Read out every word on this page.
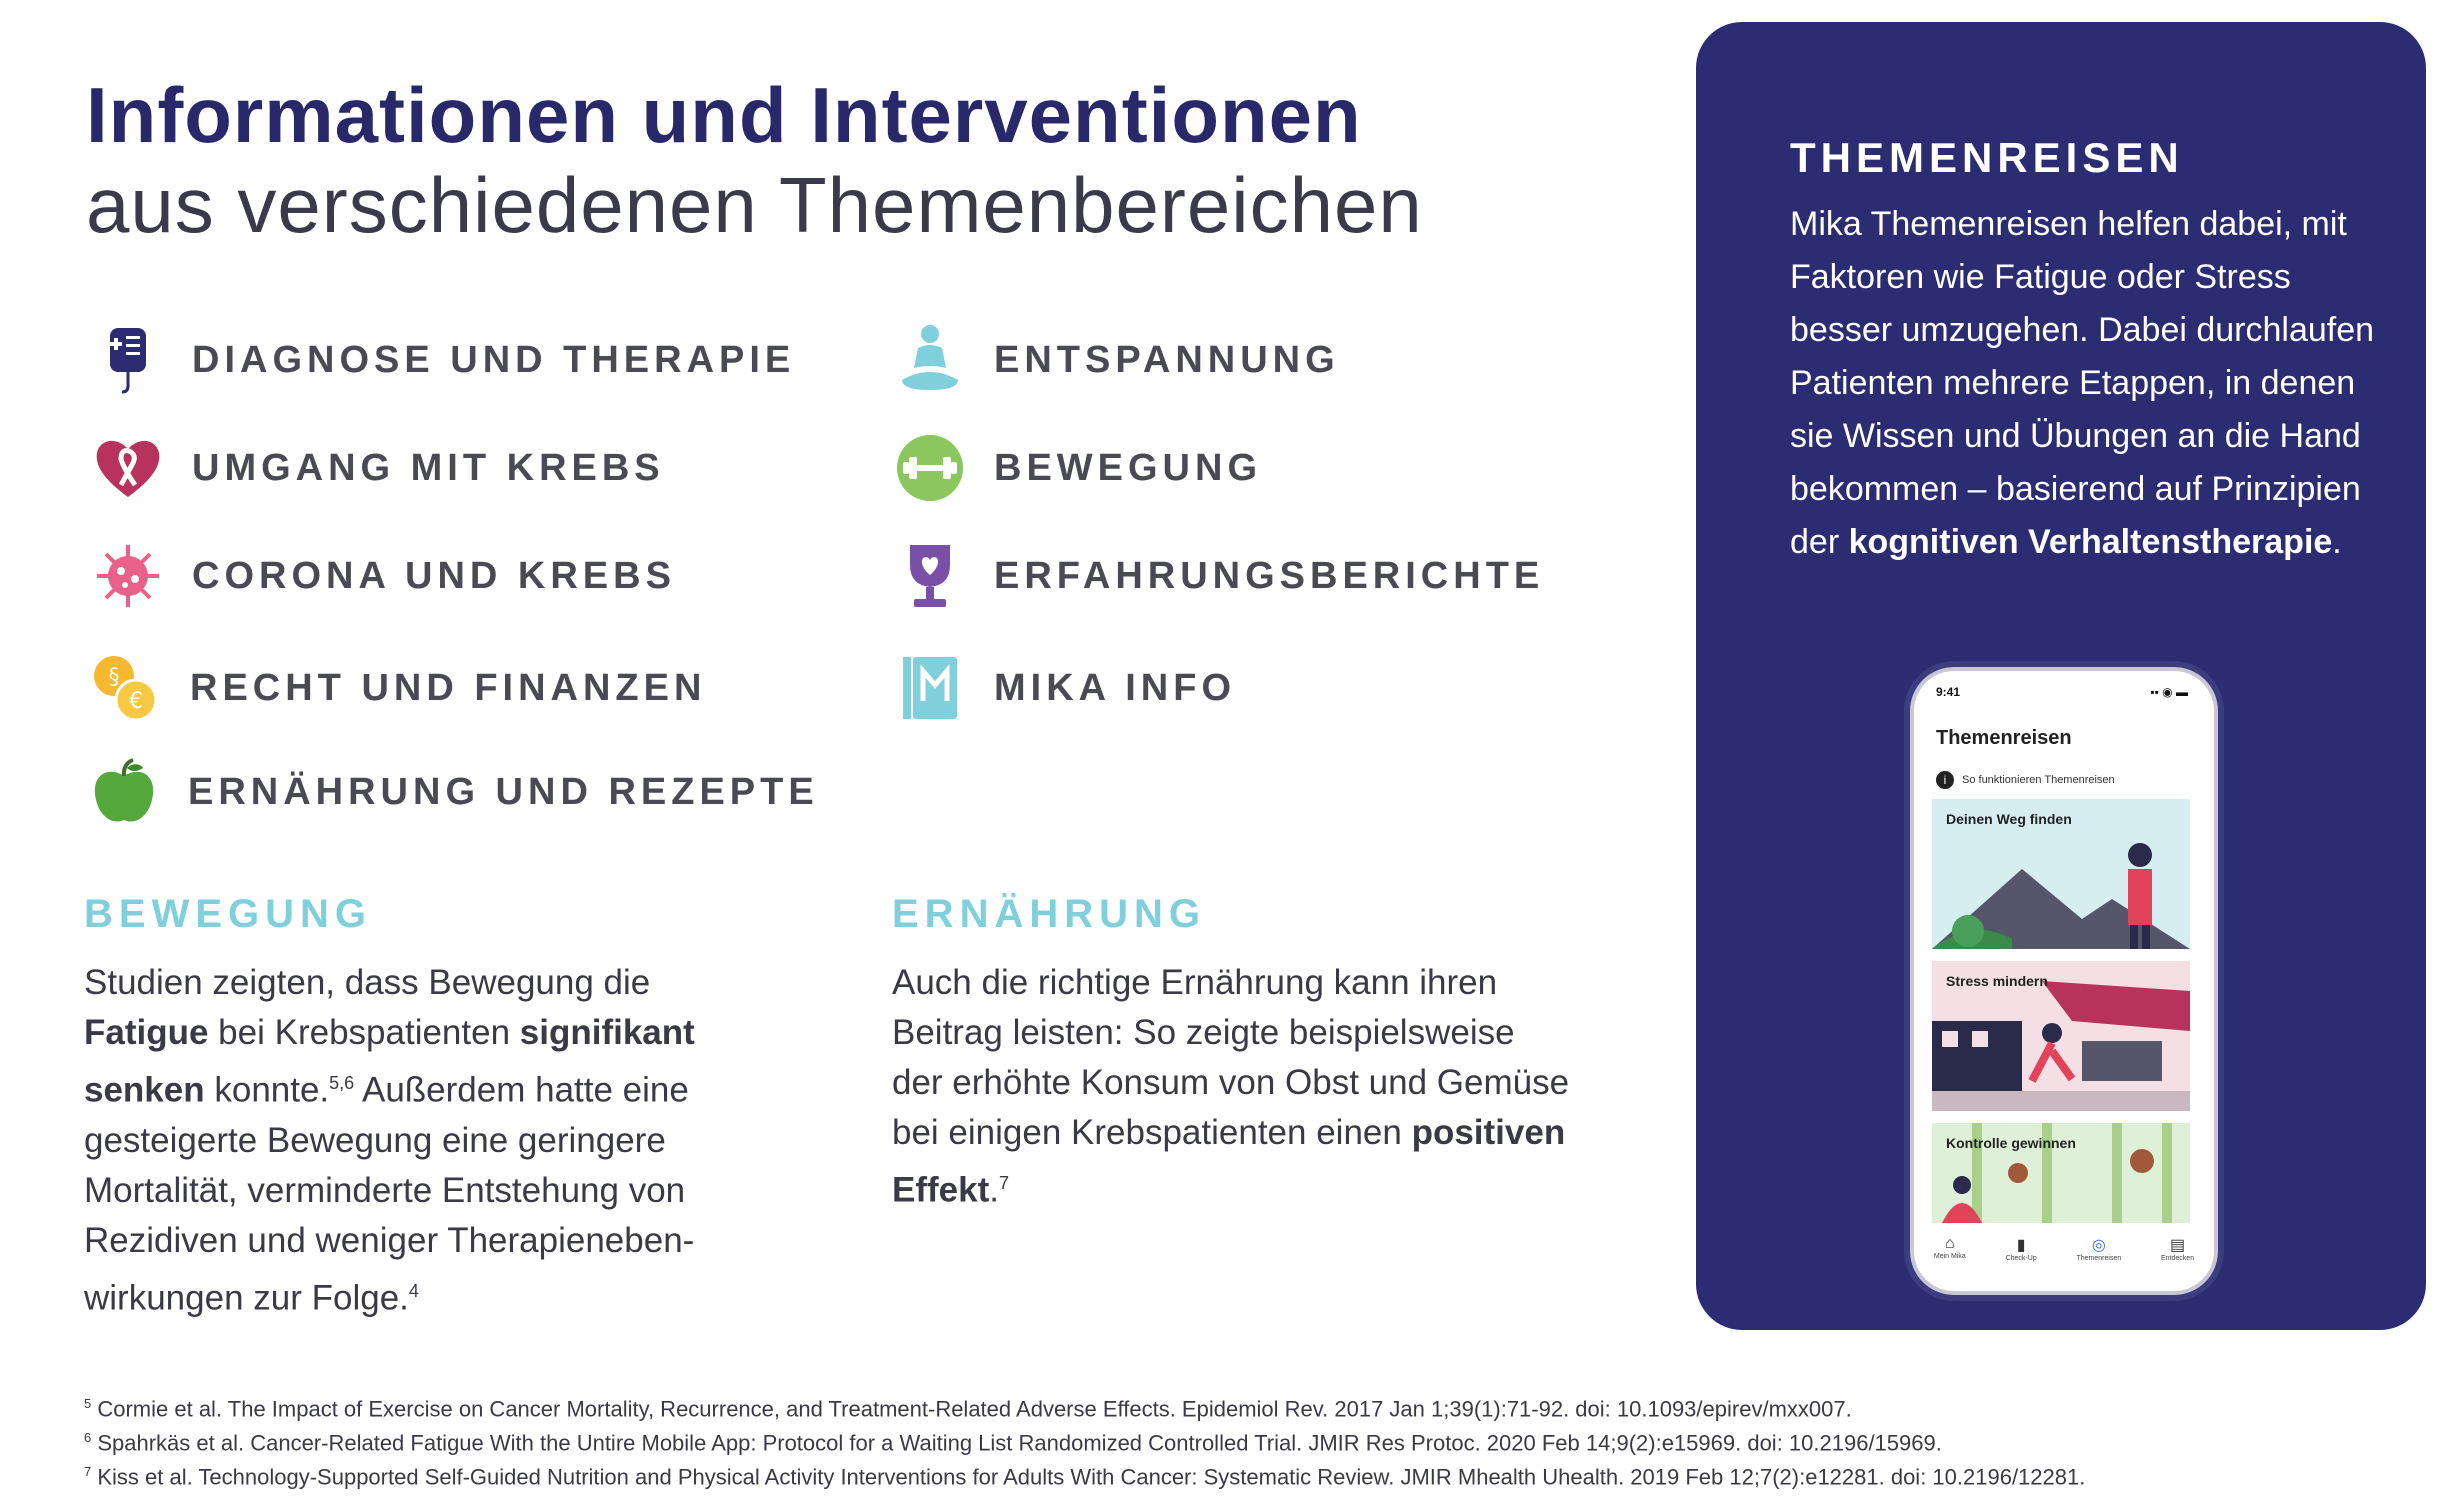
Informationen und Interventionen
aus verschiedenen Themenbereichen
DIAGNOSE UND THERAPIE
UMGANG MIT KREBS
CORONA UND KREBS
§
€ RECHT UND FINANZEN
ERNÄHRUNG UND REZEPTE
ENTSPANNUNG
BEWEGUNG
ERFAHRUNGSBERICHTE
MIKA INFO
BEWEGUNG
Studien zeigten, dass Bewegung die Fatigue bei Krebspatienten signifikant senken konnte.$^{5,6}$ Außerdem hatte eine gesteigerte Bewegung eine geringere Mortalität, verminderte Entstehung von Rezidiven und weniger Therapieneben-wirkungen zur Folge.$^4$
ERNÄHRUNG
Auch die richtige Ernährung kann ihren Beitrag leisten: So zeigte beispielsweise der erhöhte Konsum von Obst und Gemüse bei einigen Krebspatienten einen positiven Effekt.$^7$
THEMENREISEN
Mika Themenreisen helfen dabei, mit Faktoren wie Fatigue oder Stress besser umzugehen. Dabei durchlaufen Patienten mehrere Etappen, in denen sie Wissen und Übungen an die Hand bekommen – basierend auf Prinzipien der kognitiven Verhaltenstherapie.
9:41	▪▪ ◉ ▬
Themenreisen
i	So funktionieren Themenreisen
Deinen Weg finden
Stress mindern
Kontrolle gewinnen
⌂
Mein Mika
▮
Check-Up
◎
Themenreisen
▤
Entdecken
$^5$ Cormie et al. The Impact of Exercise on Cancer Mortality, Recurrence, and Treatment-Related Adverse Effects. Epidemiol Rev. 2017 Jan 1;39(1):71-92. doi: 10.1093/epirev/mxx007.
$^6$ Spahrkäs et al. Cancer-Related Fatigue With the Untire Mobile App: Protocol for a Waiting List Randomized Controlled Trial. JMIR Res Protoc. 2020 Feb 14;9(2):e15969. doi: 10.2196/15969.
$^7$ Kiss et al. Technology-Supported Self-Guided Nutrition and Physical Activity Interventions for Adults With Cancer: Systematic Review. JMIR Mhealth Uhealth. 2019 Feb 12;7(2):e12281. doi: 10.2196/12281.
